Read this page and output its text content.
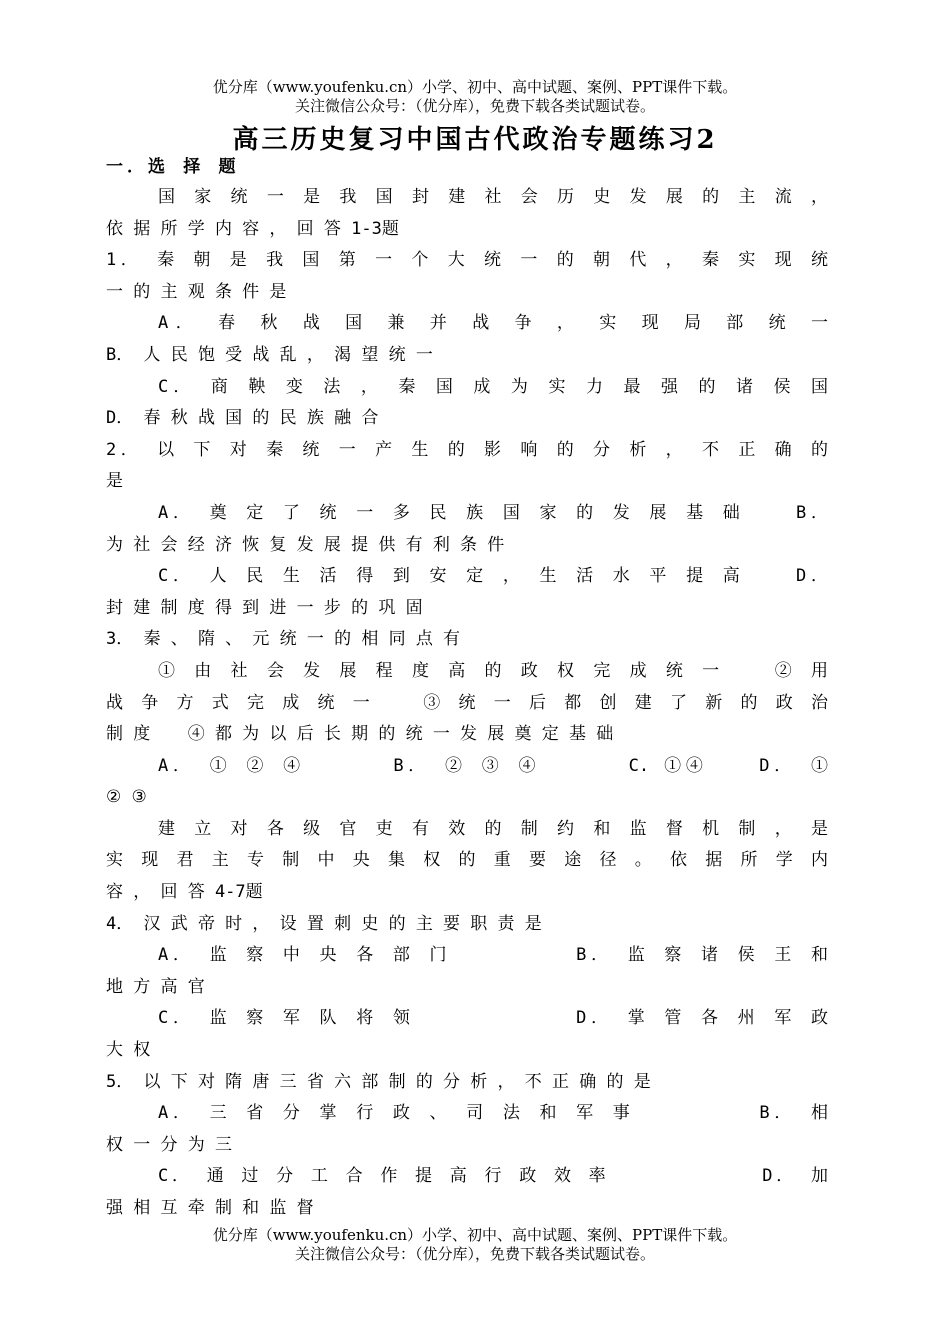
优分库（www.youfenku.cn）小学、初中、高中试题、案例、PPT课件下载。
关注微信公众号：（优分库），免费下载各类试题试卷。
高三历史复习中国古代政治专题练习2
一．选 择 题
国 家 统 一 是 我 国 封 建 社 会 历 史 发 展 的 主 流 ，
依 据 所 学 内 容 ， 回 答 1-3题
1． 秦 朝 是 我 国 第 一 个 大 统 一 的 朝 代 ， 秦 实 现 统
一 的 主 观 条 件 是
A． 春 秋 战 国 兼 并 战 争 ， 实 现 局 部 统 一
B． 人 民 饱 受 战 乱 ， 渴 望 统 一
C． 商 鞅 变 法 ， 秦 国 成 为 实 力 最 强 的 诸 侯 国
D． 春 秋 战 国 的 民 族 融 合
2． 以 下 对 秦 统 一 产 生 的 影 响 的 分 析 ， 不 正 确 的
是
A． 奠 定 了 统 一 多 民 族 国 家 的 发 展 基 础 　 B．
为 社 会 经 济 恢 复 发 展 提 供 有 利 条 件
C． 人 民 生 活 得 到 安 定 ， 生 活 水 平 提 高 　 D．
封 建 制 度 得 到 进 一 步 的 巩 固
3． 秦 、 隋 、 元 统 一 的 相 同 点 有
① 由 社 会 发 展 程 度 高 的 政 权 完 成 统 一 　 ② 用
战 争 方 式 完 成 统 一 　 ③ 统 一 后 都 创 建 了 新 的 政 治
制 度 　 ④ 都 为 以 后 长 期 的 统 一 发 展 奠 定 基 础
A． ① ② ④ 　 　 B． ② ③ ④ 　 　 C. ①④ 　 D． ①
② ③
建 立 对 各 级 官 吏 有 效 的 制 约 和 监 督 机 制 ， 是
实 现 君 主 专 制 中 央 集 权 的 重 要 途 径 。 依 据 所 学 内
容 ， 回 答 4-7题
4． 汉 武 帝 时 ， 设 置 刺 史 的 主 要 职 责 是
A． 监 察 中 央 各 部 门 　 　 　 B． 监 察 诸 侯 王 和
地 方 高 官
C． 监 察 军 队 将 领 　 　 　 　 D． 掌 管 各 州 军 政
大 权
5． 以 下 对 隋 唐 三 省 六 部 制 的 分 析 ， 不 正 确 的 是
A． 三 省 分 掌 行 政 、 司 法 和 军 事 　 　 　 B． 相
权 一 分 为 三
C． 通 过 分 工 合 作 提 高 行 政 效 率 　 　 　 　 D． 加
强 相 互 牵 制 和 监 督
优分库（www.youfenku.cn）小学、初中、高中试题、案例、PPT课件下载。
关注微信公众号：（优分库），免费下载各类试题试卷。
